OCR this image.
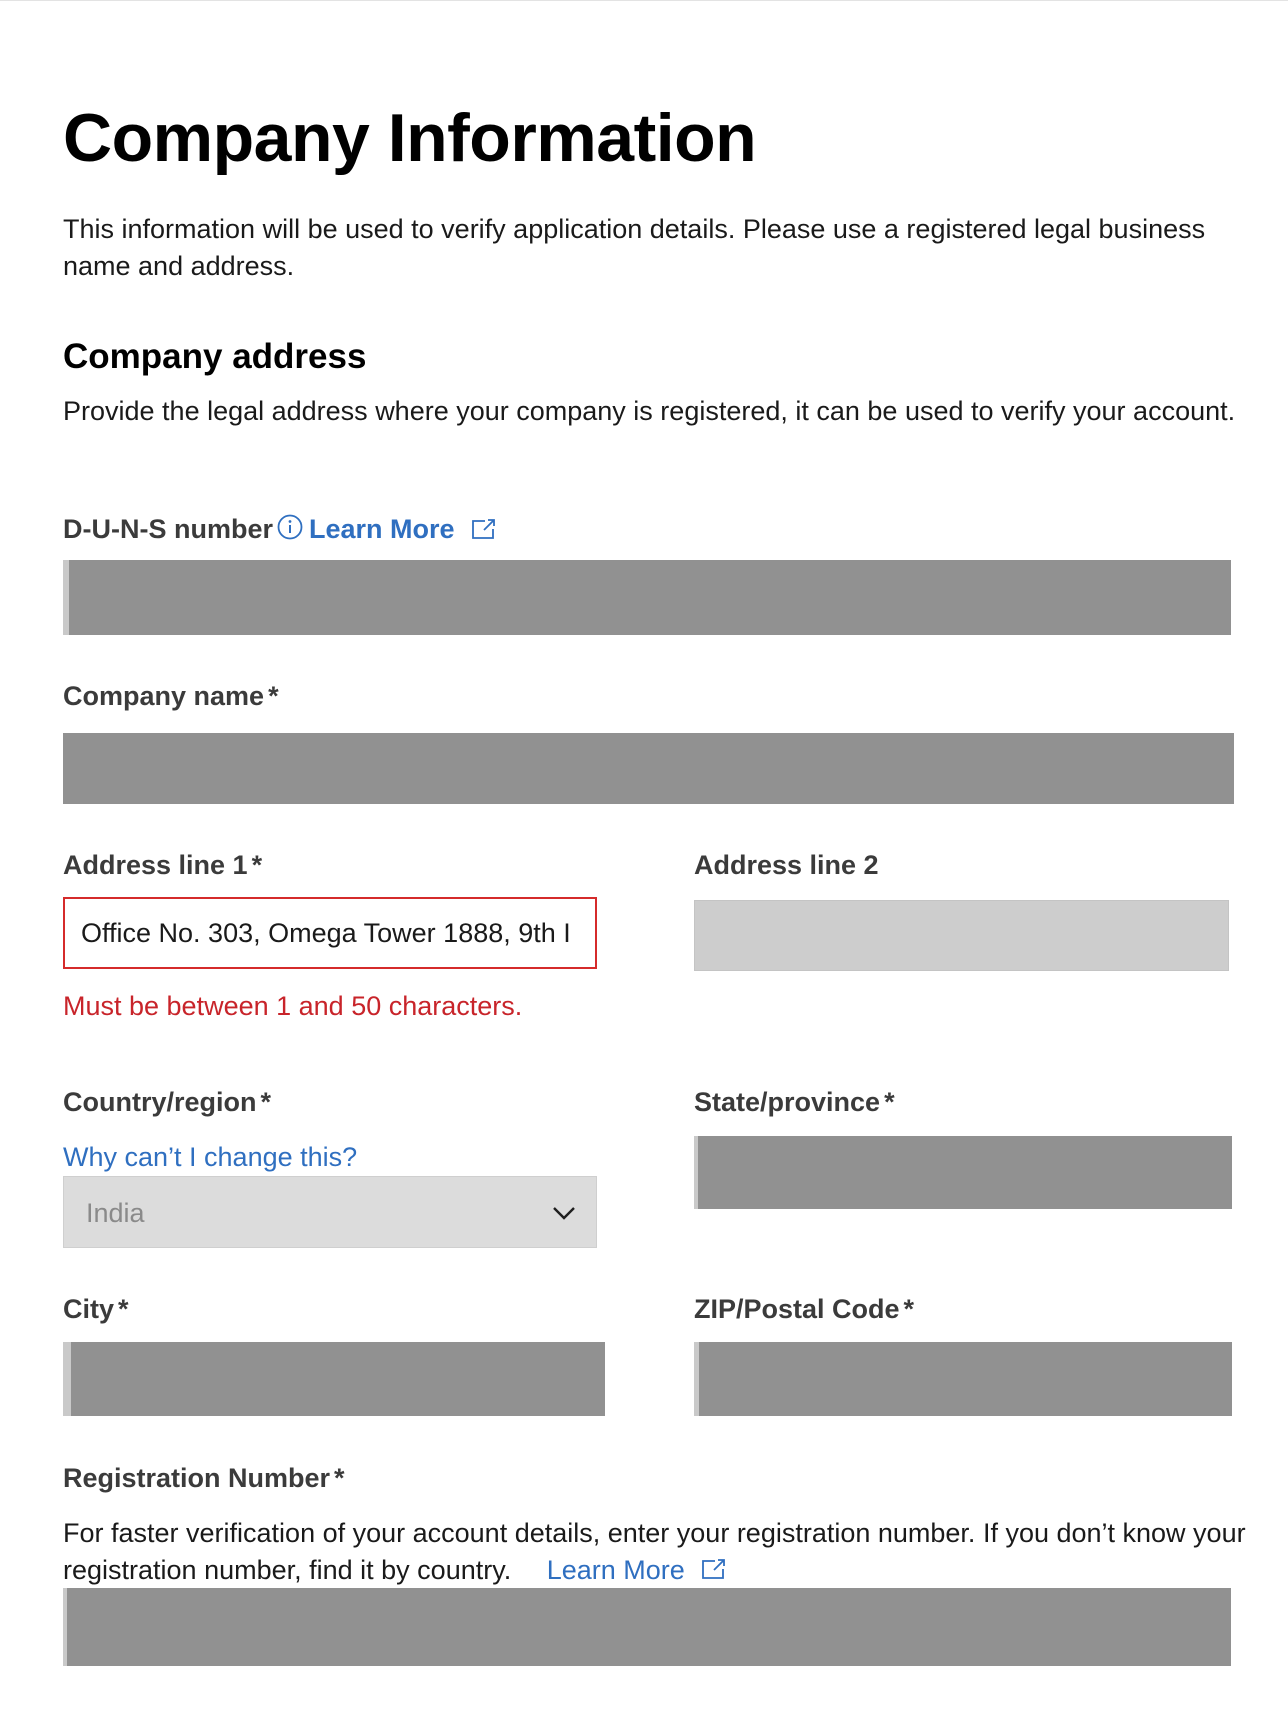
Company Information

This information will be used to verify application details. Please use a registered legal business name and address.

Company address

Provide the legal address where your company is registered, it can be used to verify your account.

D-U-N-S number Learn More
Company name *
Address line 1 *
Office No. 303, Omega Tower 1888, 9th I
Must be between 1 and 50 characters.
Address line 2
Country/region *
Why can’t I change this?
India
State/province *
City *	ZIP/Postal Code *
Registration Number *

For faster verification of your account details, enter your registration number. If you don’t know your registration number, find it by country. Learn More
